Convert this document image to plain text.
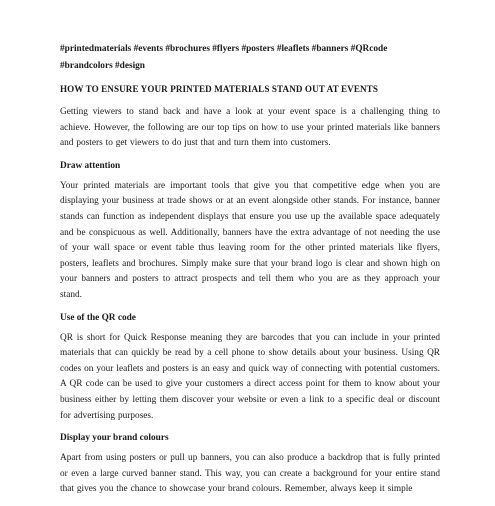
#printedmaterials #events #brochures #flyers #posters #leaflets #banners #QRcode #brandcolors #design
HOW TO ENSURE YOUR PRINTED MATERIALS STAND OUT AT EVENTS
Getting viewers to stand back and have a look at your event space is a challenging thing to achieve. However, the following are our top tips on how to use your printed materials like banners and posters to get viewers to do just that and turn them into customers.
Draw attention
Your printed materials are important tools that give you that competitive edge when you are displaying your business at trade shows or at an event alongside other stands. For instance, banner stands can function as independent displays that ensure you use up the available space adequately and be conspicuous as well. Additionally, banners have the extra advantage of not needing the use of your wall space or event table thus leaving room for the other printed materials like flyers, posters, leaflets and brochures. Simply make sure that your brand logo is clear and shown high on your banners and posters to attract prospects and tell them who you are as they approach your stand.
Use of the QR code
QR is short for Quick Response meaning they are barcodes that you can include in your printed materials that can quickly be read by a cell phone to show details about your business. Using QR codes on your leaflets and posters is an easy and quick way of connecting with potential customers. A QR code can be used to give your customers a direct access point for them to know about your business either by letting them discover your website or even a link to a specific deal or discount for advertising purposes.
Display your brand colours
Apart from using posters or pull up banners, you can also produce a backdrop that is fully printed or even a large curved banner stand. This way, you can create a background for your entire stand that gives you the chance to showcase your brand colours. Remember, always keep it simple
